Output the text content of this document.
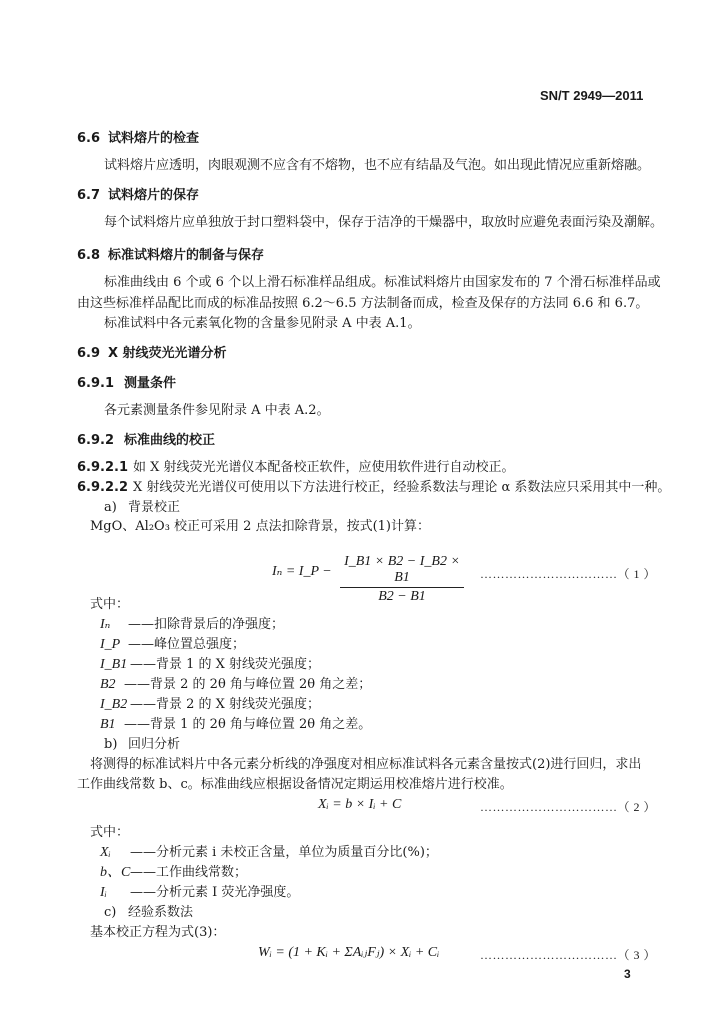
SN/T 2949—2011
6.6 试料熔片的检查
试料熔片应透明，肉眼观测不应含有不熔物，也不应有结晶及气泡。如出现此情况应重新熔融。
6.7 试料熔片的保存
每个试料熔片应单独放于封口塑料袋中，保存于洁净的干燥器中，取放时应避免表面污染及潮解。
6.8 标准试料熔片的制备与保存
标准曲线由 6 个或 6 个以上滑石标准样品组成。标准试料熔片由国家发布的 7 个滑石标准样品或
由这些标准样品配比而成的标准品按照 6.2～6.5 方法制备而成，检查及保存的方法同 6.6 和 6.7。
标准试料中各元素氧化物的含量参见附录 A 中表 A.1。
6.9 X 射线荧光光谱分析
6.9.1 测量条件
各元素测量条件参见附录 A 中表 A.2。
6.9.2 标准曲线的校正
6.9.2.1 如 X 射线荧光光谱仪本配备校正软件，应使用软件进行自动校正。
6.9.2.2 X 射线荧光光谱仪可使用以下方法进行校正，经验系数法与理论 α 系数法应只采用其中一种。
a) 背景校正
MgO、Al₂O₃ 校正可采用 2 点法扣除背景，按式(1)计算：
Iₙ = I_P − $\frac{I\_B1 \times B2 - I\_B2 \times B1}{B2 - B1}$ ……………………………（ 1 ）
式中：
Iₙ ——扣除背景后的净强度；
I_P ——峰位置总强度；
I_B1 ——背景 1 的 X 射线荧光强度；
B2 ——背景 2 的 2θ 角与峰位置 2θ 角之差；
I_B2 ——背景 2 的 X 射线荧光强度；
B1 ——背景 1 的 2θ 角与峰位置 2θ 角之差。
b) 回归分析
将测得的标准试料片中各元素分析线的净强度对相应标准试料各元素含量按式(2)进行回归，求出
工作曲线常数 b、c。标准曲线应根据设备情况定期运用校准熔片进行校准。
Xᵢ = b × Iᵢ + C	……………………………（ 2 ）
式中：
Xᵢ ——分析元素 i 未校正含量，单位为质量百分比(%)；
b、C ——工作曲线常数；
Iᵢ ——分析元素 I 荧光净强度。
c) 经验系数法
基本校正方程为式(3)：
Wᵢ = (1 + Kᵢ + ΣAᵢⱼFⱼ) × Xᵢ + Cᵢ	……………………………（ 3 ）
3
